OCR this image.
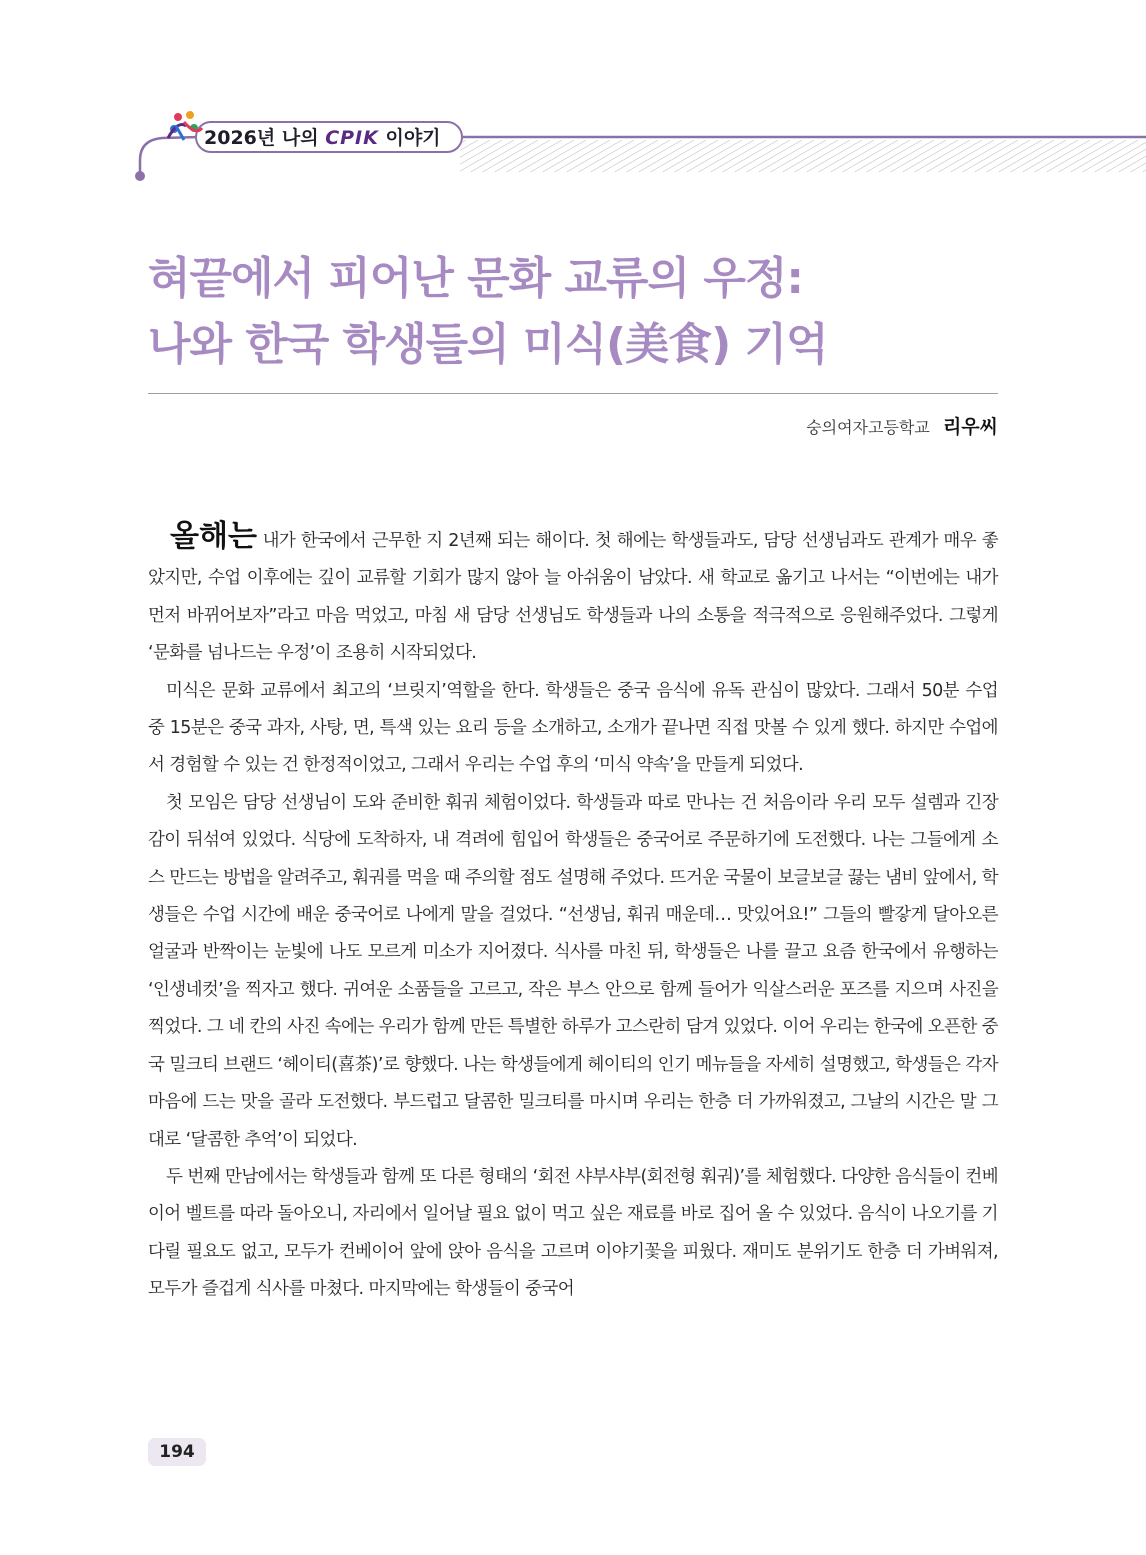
2026년 나의 CPIK 이야기
혀끝에서 피어난 문화 교류의 우정:
나와 한국 학생들의 미식(美食) 기억
숭의여자고등학교 리우씨

올해는 내가 한국에서 근무한 지 2년째 되는 해이다. 첫 해에는 학생들과도, 담당 선생님과도 관계가 매우 좋았지만, 수업 이후에는 깊이 교류할 기회가 많지 않아 늘 아쉬움이 남았다. 새 학교로 옮기고 나서는 “이번에는 내가 먼저 바뀌어보자”라고 마음 먹었고, 마침 새 담당 선생님도 학생들과 나의 소통을 적극적으로 응원해주었다. 그렇게 ‘문화를 넘나드는 우정’이 조용히 시작되었다.

미식은 문화 교류에서 최고의 ‘브릿지’역할을 한다. 학생들은 중국 음식에 유독 관심이 많았다. 그래서 50분 수업 중 15분은 중국 과자, 사탕, 면, 특색 있는 요리 등을 소개하고, 소개가 끝나면 직접 맛볼 수 있게 했다. 하지만 수업에서 경험할 수 있는 건 한정적이었고, 그래서 우리는 수업 후의 ‘미식 약속’을 만들게 되었다.

첫 모임은 담당 선생님이 도와 준비한 훠궈 체험이었다. 학생들과 따로 만나는 건 처음이라 우리 모두 설렘과 긴장감이 뒤섞여 있었다. 식당에 도착하자, 내 격려에 힘입어 학생들은 중국어로 주문하기에 도전했다. 나는 그들에게 소스 만드는 방법을 알려주고, 훠궈를 먹을 때 주의할 점도 설명해 주었다. 뜨거운 국물이 보글보글 끓는 냄비 앞에서, 학생들은 수업 시간에 배운 중국어로 나에게 말을 걸었다. “선생님, 훠궈 매운데… 맛있어요!” 그들의 빨갛게 달아오른 얼굴과 반짝이는 눈빛에 나도 모르게 미소가 지어졌다. 식사를 마친 뒤, 학생들은 나를 끌고 요즘 한국에서 유행하는 ‘인생네컷’을 찍자고 했다. 귀여운 소품들을 고르고, 작은 부스 안으로 함께 들어가 익살스러운 포즈를 지으며 사진을 찍었다. 그 네 칸의 사진 속에는 우리가 함께 만든 특별한 하루가 고스란히 담겨 있었다. 이어 우리는 한국에 오픈한 중국 밀크티 브랜드 ‘헤이티(喜茶)’로 향했다. 나는 학생들에게 헤이티의 인기 메뉴들을 자세히 설명했고, 학생들은 각자 마음에 드는 맛을 골라 도전했다. 부드럽고 달콤한 밀크티를 마시며 우리는 한층 더 가까워졌고, 그날의 시간은 말 그대로 ‘달콤한 추억’이 되었다.

두 번째 만남에서는 학생들과 함께 또 다른 형태의 ‘회전 샤부샤부(회전형 훠궈)’를 체험했다. 다양한 음식들이 컨베이어 벨트를 따라 돌아오니, 자리에서 일어날 필요 없이 먹고 싶은 재료를 바로 집어 올 수 있었다. 음식이 나오기를 기다릴 필요도 없고, 모두가 컨베이어 앞에 앉아 음식을 고르며 이야기꽃을 피웠다. 재미도 분위기도 한층 더 가벼워져, 모두가 즐겁게 식사를 마쳤다. 마지막에는 학생들이 중국어

194
